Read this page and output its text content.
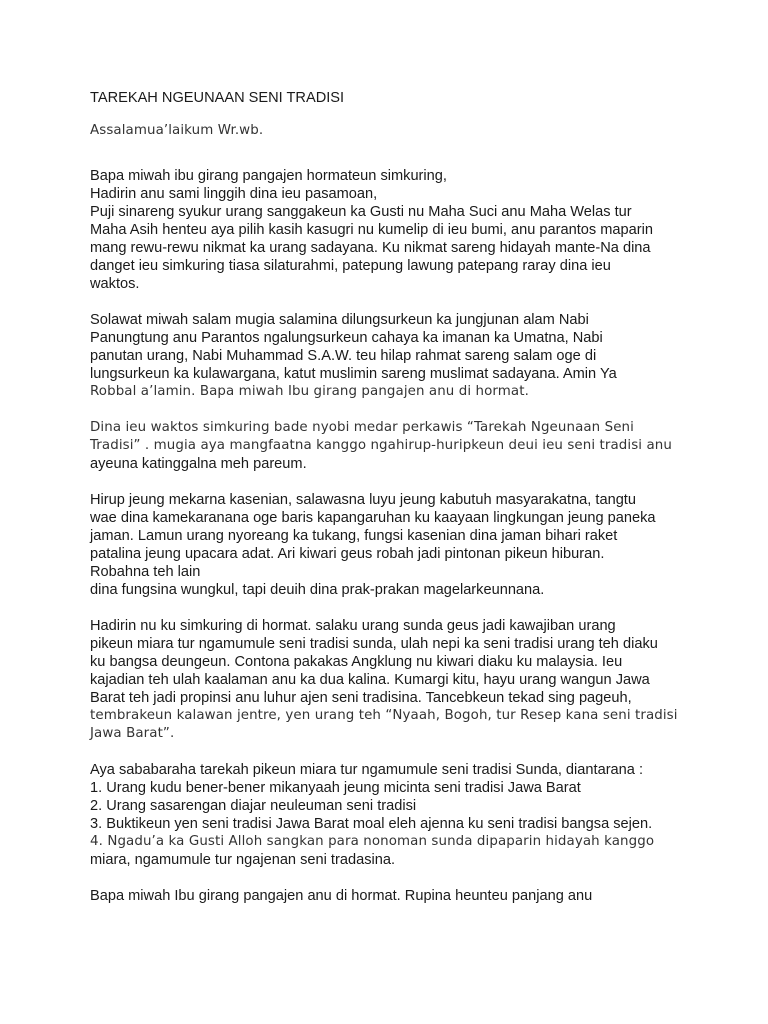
TAREKAH NGEUNAAN SENI TRADISI
Assalamua’laikum Wr.wb.
Bapa miwah ibu girang pangajen hormateun simkuring,
Hadirin anu sami linggih dina ieu pasamoan,
Puji sinareng syukur urang sanggakeun ka Gusti nu Maha Suci anu Maha Welas tur
Maha Asih henteu aya pilih kasih kasugri nu kumelip di ieu bumi, anu parantos maparin
mang rewu-rewu nikmat ka urang sadayana. Ku nikmat sareng hidayah mante-Na dina
danget ieu simkuring tiasa silaturahmi, patepung lawung patepang raray dina ieu
waktos.
Solawat miwah salam mugia salamina dilungsurkeun ka jungjunan alam Nabi
Panungtung anu Parantos ngalungsurkeun cahaya ka imanan ka Umatna, Nabi
panutan urang, Nabi Muhammad S.A.W. teu hilap rahmat sareng salam oge di
lungsurkeun ka kulawargana, katut muslimin sareng muslimat sadayana. Amin Ya
Robbal a’lamin. Bapa miwah Ibu girang pangajen anu di hormat.
Dina ieu waktos simkuring bade nyobi medar perkawis “Tarekah Ngeunaan Seni
Tradisi” . mugia aya mangfaatna kanggo ngahirup-huripkeun deui ieu seni tradisi anu
ayeuna katinggalna meh pareum.
Hirup jeung mekarna kasenian, salawasna luyu jeung kabutuh masyarakatna, tangtu
wae dina kamekaranana oge baris kapangaruhan ku kaayaan lingkungan jeung paneka
jaman. Lamun urang nyoreang ka tukang, fungsi kasenian dina jaman bihari raket
patalina jeung upacara adat. Ari kiwari geus robah jadi pintonan pikeun hiburan.
Robahna teh lain
dina fungsina wungkul, tapi deuih dina prak-prakan magelarkeunnana.
Hadirin nu ku simkuring di hormat. salaku urang sunda geus jadi kawajiban urang
pikeun miara tur ngamumule seni tradisi sunda, ulah nepi ka seni tradisi urang teh diaku
ku bangsa deungeun. Contona pakakas Angklung nu kiwari diaku ku malaysia. Ieu
kajadian teh ulah kaalaman anu ka dua kalina. Kumargi kitu, hayu urang wangun Jawa
Barat teh jadi propinsi anu luhur ajen seni tradisina. Tancebkeun tekad sing pageuh,
tembrakeun kalawan jentre, yen urang teh “Nyaah, Bogoh, tur Resep kana seni tradisi
Jawa Barat”.
Aya sababaraha tarekah pikeun miara tur ngamumule seni tradisi Sunda, diantarana :
1. Urang kudu bener-bener mikanyaah jeung micinta seni tradisi Jawa Barat
2. Urang sasarengan diajar neuleuman seni tradisi
3. Buktikeun yen seni tradisi Jawa Barat moal eleh ajenna ku seni tradisi bangsa sejen.
4. Ngadu’a ka Gusti Alloh sangkan para nonoman sunda dipaparin hidayah kanggo
miara, ngamumule tur ngajenan seni tradasina.
Bapa miwah Ibu girang pangajen anu di hormat. Rupina heunteu panjang anu
